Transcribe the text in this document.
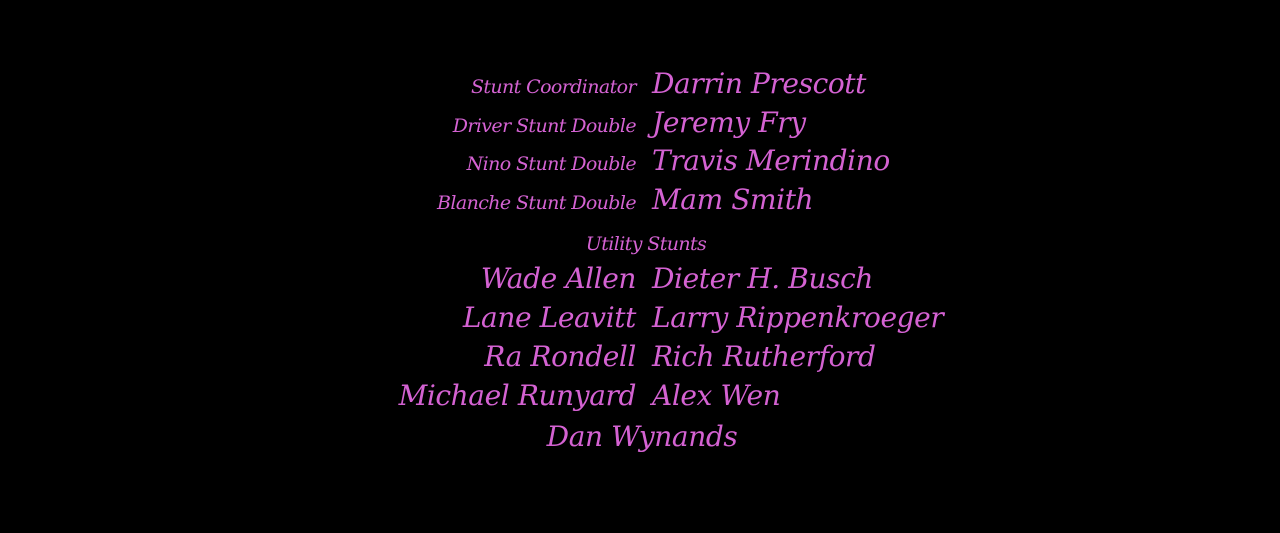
Stunt Coordinator Darrin Prescott
Driver Stunt Double Jeremy Fry
Nino Stunt Double Travis Merindino
Blanche Stunt Double Mam Smith
Utility Stunts
Wade Allen Dieter H. Busch
Lane Leavitt Larry Rippenkroeger
Ra Rondell Rich Rutherford
Michael Runyard Alex Wen
Dan Wynands
